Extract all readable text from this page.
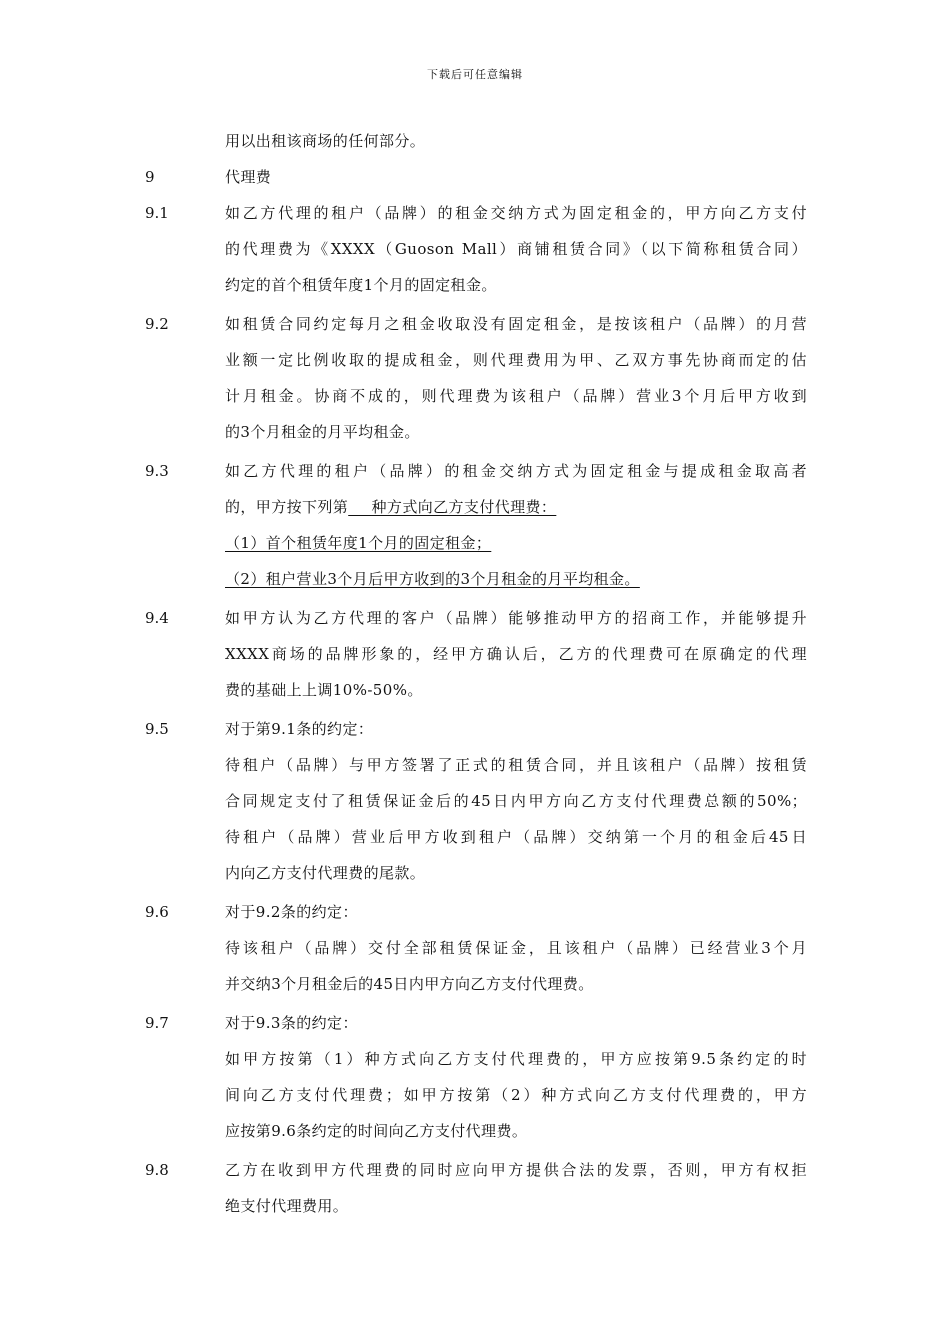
下载后可任意编辑
用以出租该商场的任何部分。
9	代理费
9.1	如乙方代理的租户（品牌）的租金交纳方式为固定租金的，甲方向乙方支付
的代理费为《XXXX（Guoson Mall）商铺租赁合同》（以下简称租赁合同）
约定的首个租赁年度1个月的固定租金。
9.2	如租赁合同约定每月之租金收取没有固定租金，是按该租户（品牌）的月营
业额一定比例收取的提成租金，则代理费用为甲、乙双方事先协商而定的估
计月租金。协商不成的，则代理费为该租户（品牌）营业3个月后甲方收到
的3个月租金的月平均租金。
9.3	如乙方代理的租户（品牌）的租金交纳方式为固定租金与提成租金取高者
的，甲方按下列第   种方式向乙方支付代理费：
（1）首个租赁年度1个月的固定租金；
（2）租户营业3个月后甲方收到的3个月租金的月平均租金。
9.4	如甲方认为乙方代理的客户（品牌）能够推动甲方的招商工作，并能够提升
XXXX商场的品牌形象的，经甲方确认后，乙方的代理费可在原确定的代理
费的基础上上调10%-50%。
9.5	对于第9.1条的约定：
待租户（品牌）与甲方签署了正式的租赁合同，并且该租户（品牌）按租赁
合同规定支付了租赁保证金后的45日内甲方向乙方支付代理费总额的50%；
待租户（品牌）营业后甲方收到租户（品牌）交纳第一个月的租金后45日
内向乙方支付代理费的尾款。
9.6	对于9.2条的约定：
待该租户（品牌）交付全部租赁保证金，且该租户（品牌）已经营业3个月
并交纳3个月租金后的45日内甲方向乙方支付代理费。
9.7	对于9.3条的约定：
如甲方按第（1）种方式向乙方支付代理费的，甲方应按第9.5条约定的时
间向乙方支付代理费；如甲方按第（2）种方式向乙方支付代理费的，甲方
应按第9.6条约定的时间向乙方支付代理费。
9.8	乙方在收到甲方代理费的同时应向甲方提供合法的发票，否则，甲方有权拒
绝支付代理费用。
